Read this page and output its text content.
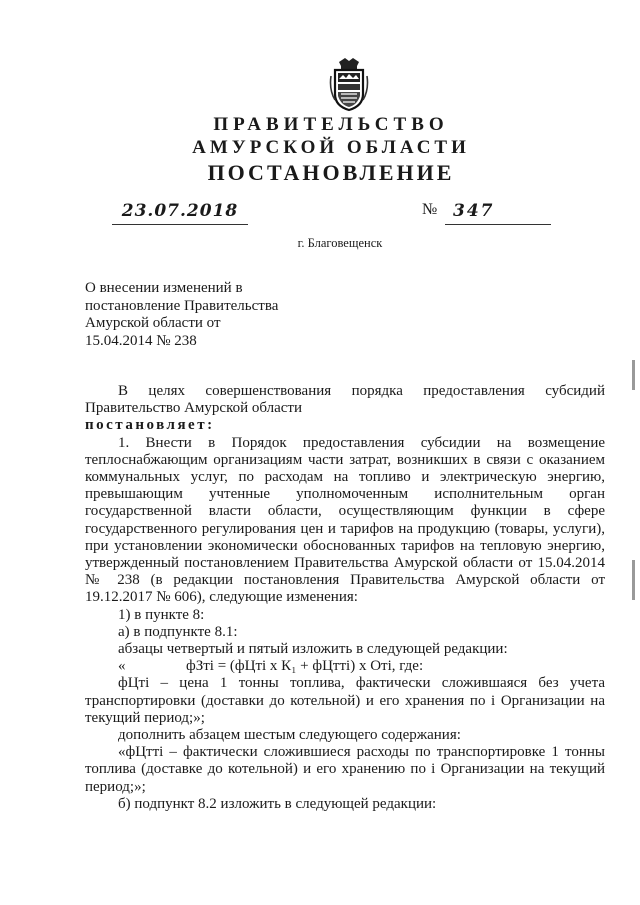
ПРАВИТЕЛЬСТВО
АМУРСКОЙ ОБЛАСТИ
ПОСТАНОВЛЕНИЕ
23.07.2018	№ 347
г. Благовещенск
О внесении изменений в
постановление Правительства
Амурской области от
15.04.2014 № 238
В целях совершенствования порядка предоставления субсидий
Правительство Амурской области
постановляет:
1. Внести в Порядок предоставления субсидии на возмещение
теплоснабжающим организациям части затрат, возникших в связи с оказанием
коммунальных услуг, по расходам на топливо и электрическую энергию,
превышающим учтенные уполномоченным исполнительным орган
государственной власти области, осуществляющим функции в сфере
государственного регулирования цен и тарифов на продукцию (товары, услуги),
при установлении экономически обоснованных тарифов на тепловую энергию,
утвержденный постановлением Правительства Амурской области от 15.04.2014
№ 238 (в редакции постановления Правительства Амурской области от
19.12.2017 № 606), следующие изменения:
1) в пункте 8:
а) в подпункте 8.1:
абзацы четвертый и пятый изложить в следующей редакции:
«	фЗтi = (фЦтi х К₁ + фЦттi) х Отi, где:
фЦтi – цена 1 тонны топлива, фактически сложившаяся без учета
транспортировки (доставки до котельной) и его хранения по i Организации на
текущий период;»;
дополнить абзацем шестым следующего содержания:
«фЦттi – фактически сложившиеся расходы по транспортировке 1 тонны
топлива (доставке до котельной) и его хранению по i Организации на текущий
период;»;
б) подпункт 8.2 изложить в следующей редакции:
